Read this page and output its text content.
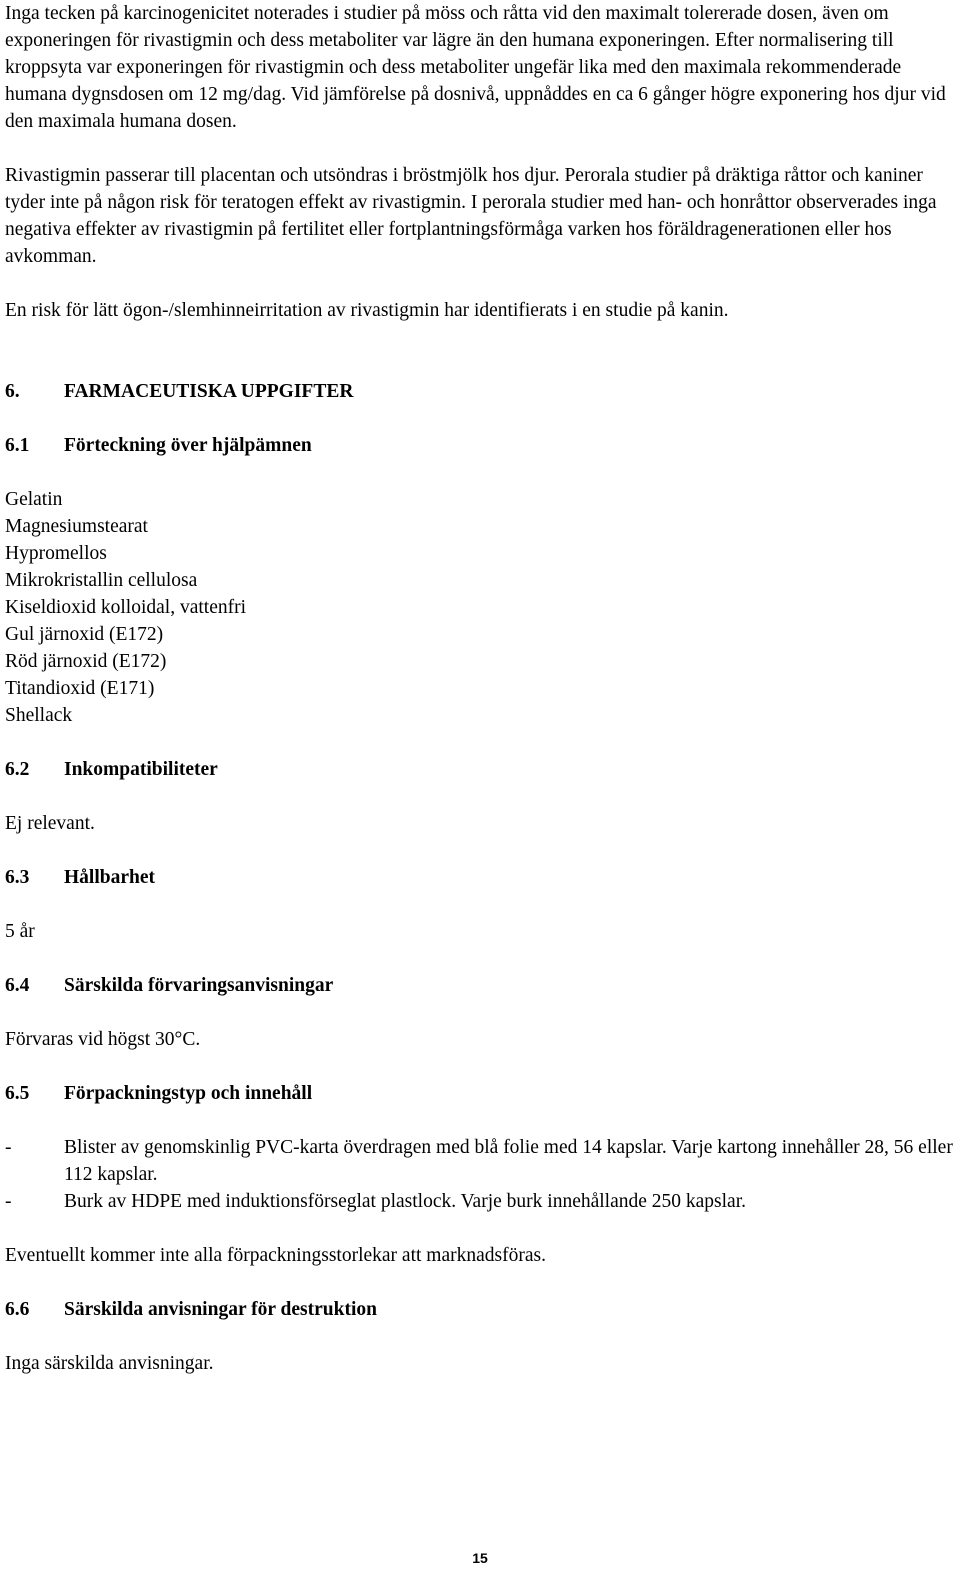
Inga tecken på karcinogenicitet noterades i studier på möss och råtta vid den maximalt tolererade dosen, även om exponeringen för rivastigmin och dess metaboliter var lägre än den humana exponeringen. Efter normalisering till kroppsyta var exponeringen för rivastigmin och dess metaboliter ungefär lika med den maximala rekommenderade humana dygnsdosen om 12 mg/dag. Vid jämförelse på dosnivå, uppnåddes en ca 6 gånger högre exponering hos djur vid den maximala humana dosen.

Rivastigmin passerar till placentan och utsöndras i bröstmjölk hos djur. Perorala studier på dräktiga råttor och kaniner tyder inte på någon risk för teratogen effekt av rivastigmin. I perorala studier med han- och honråttor observerades inga negativa effekter av rivastigmin på fertilitet eller fortplantningsförmåga varken hos föräldragenerationen eller hos avkomman.

En risk för lätt ögon-/slemhinneirritation av rivastigmin har identifierats i en studie på kanin.

6.	FARMACEUTISKA UPPGIFTER
6.1	Förteckning över hjälpämnen
Gelatin
Magnesiumstearat
Hypromellos
Mikrokristallin cellulosa
Kiseldioxid kolloidal, vattenfri
Gul järnoxid (E172)
Röd järnoxid (E172)
Titandioxid (E171)
Shellack
6.2	Inkompatibiliteter

Ej relevant.

6.3	Hållbarhet

5 år

6.4	Särskilda förvaringsanvisningar

Förvaras vid högst 30°C.

6.5	Förpackningstyp och innehåll
-	Blister av genomskinlig PVC-karta överdragen med blå folie med 14 kapslar. Varje kartong innehåller 28, 56 eller 112 kapslar.
-	Burk av HDPE med induktionsförseglat plastlock. Varje burk innehållande 250 kapslar.

Eventuellt kommer inte alla förpackningsstorlekar att marknadsföras.

6.6	Särskilda anvisningar för destruktion

Inga särskilda anvisningar.

15
